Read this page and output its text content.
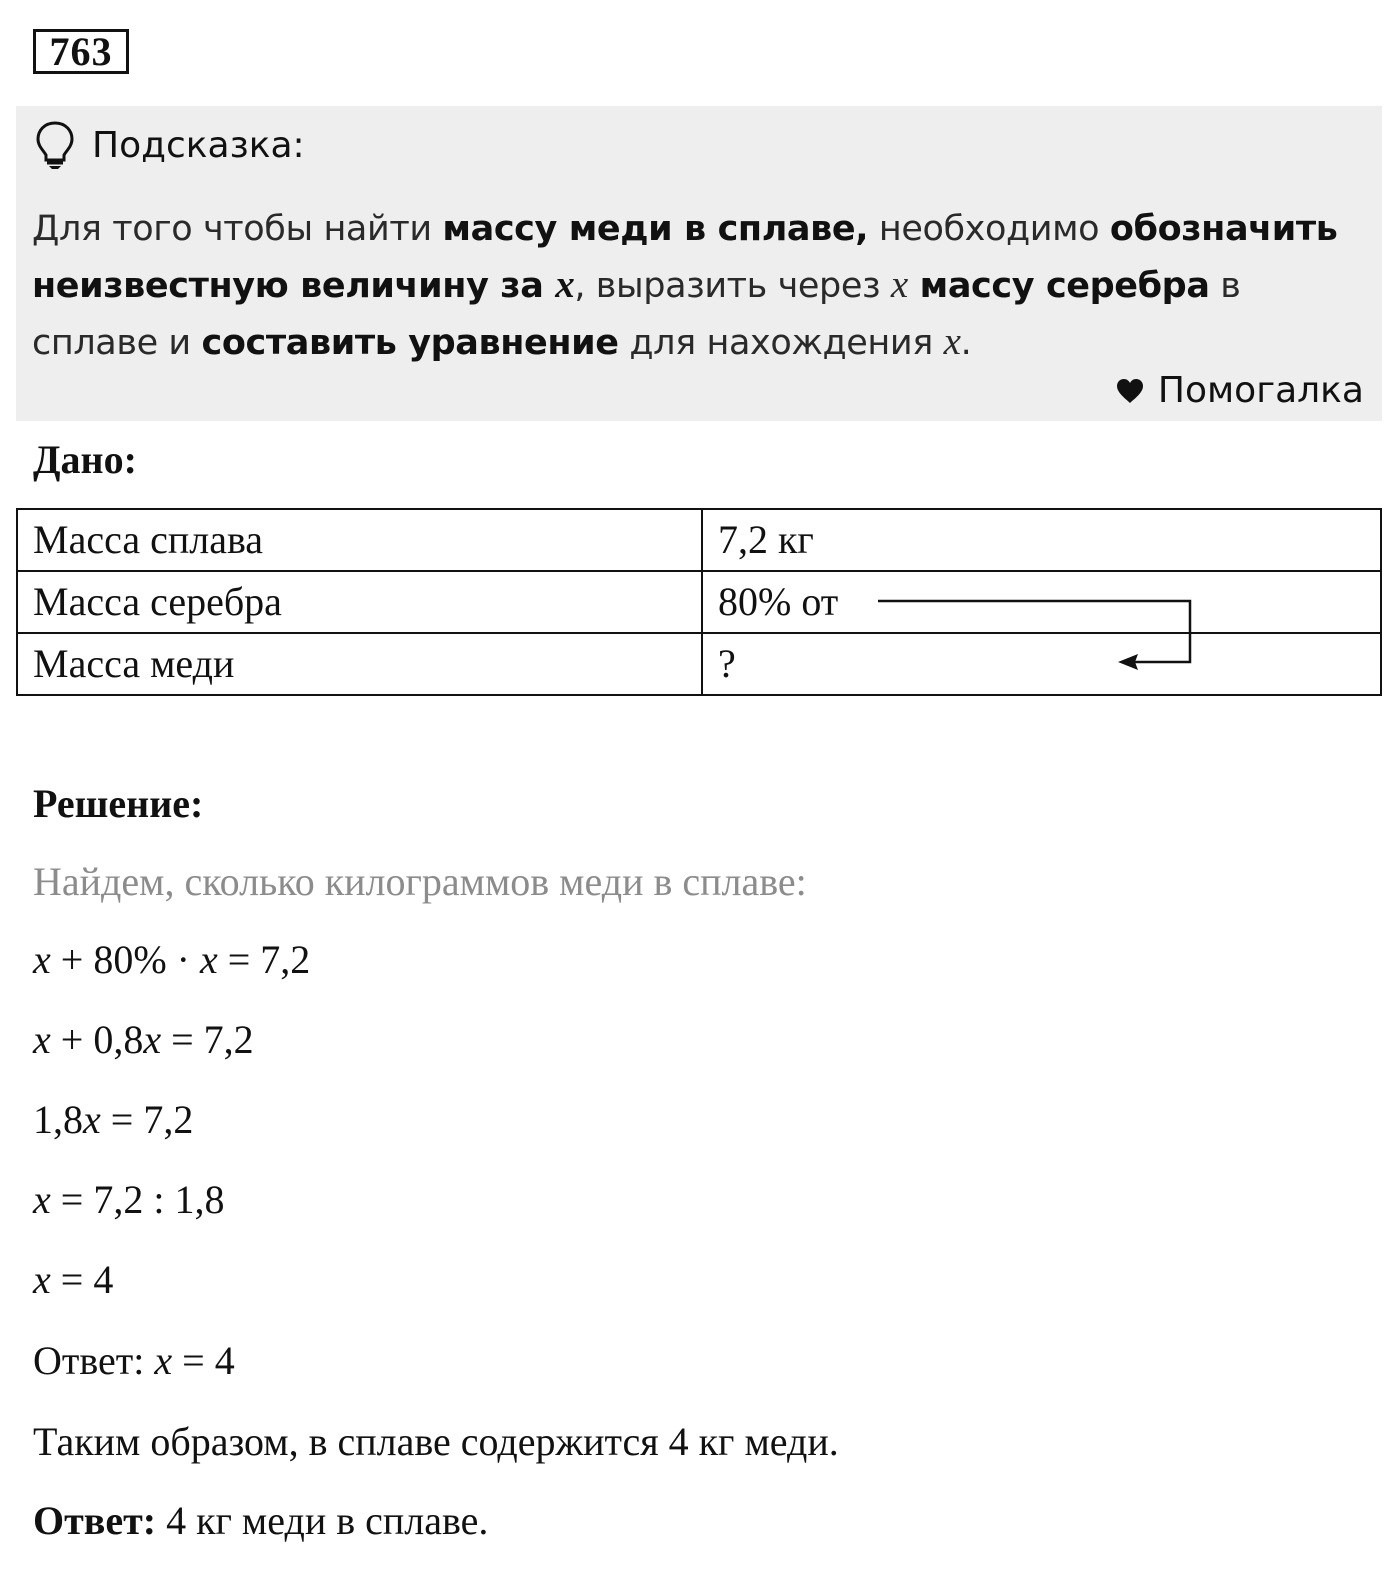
763
Подсказка:
Для того чтобы найти массу меди в сплаве, необходимо обозначить неизвестную величину за x, выразить через x массу серебра в сплаве и составить уравнение для нахождения x.
Помогалка
Дано:
Масса сплава	7,2 кг
Масса серебра	80% от
Масса меди	?
Решение:
Найдем, сколько килограммов меди в сплаве:
x + 80% · x = 7,2
x + 0,8x = 7,2
1,8x = 7,2
x = 7,2 : 1,8
x = 4
Ответ: x = 4
Таким образом, в сплаве содержится 4 кг меди.
Ответ: 4 кг меди в сплаве.
